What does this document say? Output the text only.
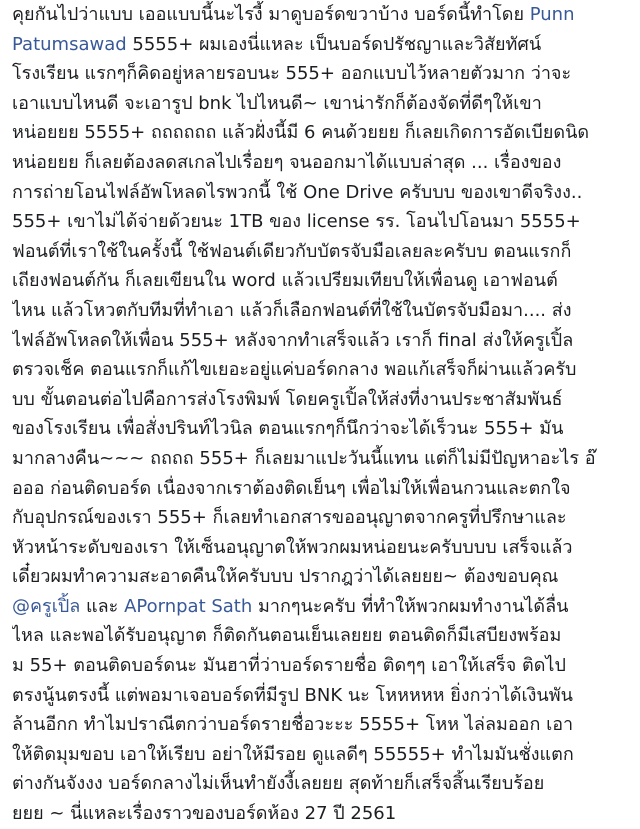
คุยกันไปว่าแบบ เออแบบนี้นะไรงี้ มาดูบอร์ดขวาบ้าง บอร์ดนี้ทำโดย Punn
Patumsawad 5555+ ผมเองนี่แหละ เป็นบอร์ดปรัชญาและวิสัยทัศน์
โรงเรียน แรกๆก็คิดอยู่หลายรอบนะ 555+ ออกแบบไว้หลายตัวมาก ว่าจะ
เอาแบบไหนดี จะเอารูป bnk ไปไหนดี~ เขาน่ารักก็ต้องจัดที่ดีๆให้เขา
หน่อยยย 5555+ ถถถถถถ แล้วฝั่งนี้มี 6 คนด้วยยย ก็เลยเกิดการอัดเบียดนิด
หน่อยยย ก็เลยต้องลดสเกลไปเรื่อยๆ จนออกมาได้แบบล่าสุด ... เรื่องของ
การถ่ายโอนไฟล์อัพโหลดไรพวกนี้ ใช้ One Drive ครับบบ ของเขาดีจริงง..
555+ เขาไม่ได้จ่ายด้วยนะ 1TB ของ license รร. โอนไปโอนมา 5555+
ฟอนต์ที่เราใช้ในครั้งนี้ ใช้ฟอนต์เดียวกับบัตรจับมือเลยละครับบ ตอนแรกก็
เถียงฟอนต์กัน ก็เลยเขียนใน word แล้วเปรียมเทียบให้เพื่อนดู เอาฟอนต์
ไหน แล้วโหวตกับทีมที่ทำเอา แล้วก็เลือกฟอนต์ที่ใช้ในบัตรจับมือมา.... ส่ง
ไฟล์อัพโหลดให้เพื่อน 555+ หลังจากทำเสร็จแล้ว เราก็ final ส่งให้ครูเปิ้ล
ตรวจเช็ค ตอนแรกก็แก้ไขเยอะอยู่แค่บอร์ดกลาง พอแก้เสร็จก็ผ่านแล้วครับ
บบ ขั้นตอนต่อไปคือการส่งโรงพิมพ์ โดยครูเปิ้ลให้ส่งที่งานประชาสัมพันธ์
ของโรงเรียน เพื่อสั่งปรินท์ไวนิล ตอนแรกๆก็นึกว่าจะได้เร็วนะ 555+ มัน
มากลางคืน~~~ ถถถถ 555+ ก็เลยมาแปะวันนี้แทน แต่ก็ไม่มีปัญหาอะไร อ๊
อออ ก่อนติดบอร์ด เนื่องจากเราต้องติดเย็นๆ เพื่อไม่ให้เพื่อนกวนและตกใจ
กับอุปกรณ์ของเรา 555+ ก็เลยทำเอกสารขออนุญาตจากครูที่ปรึกษาและ
หัวหน้าระดับของเรา ให้เซ็นอนุญาตให้พวกผมหน่อยนะครับบบบ เสร็จแล้ว
เดี๋ยวผมทำความสะอาดคืนให้ครับบบ ปรากฎว่าได้เลยยย~ ต้องขอบคุณ
@ครูเปิ้ล และ APornpat Sath มากๆนะครับ ที่ทำให้พวกผมทำงานได้ลื่น
ไหล และพอได้รับอนุญาต ก็ติดกันตอนเย็นเลยยย ตอนติดก็มีเสบียงพร้อม
ม 55+ ตอนติดบอร์ดนะ มันฮาที่ว่าบอร์ดรายชื่อ ติดๆๆ เอาให้เสร็จ ติดไป
ตรงนู้นตรงนี้ แต่พอมาเจอบอร์ดที่มีรูป BNK นะ โหหหหห ยิ่งกว่าได้เงินพัน
ล้านอีกก ทำไมปราณีตกว่าบอร์ดรายชื่อวะะะ 5555+ โหห ไล่ลมออก เอา
ให้ติดมุมขอบ เอาให้เรียบ อย่าให้มีรอย ดูแลดีๆ 55555+ ทำไมมันชั่งแตก
ต่างกันจังงง บอร์ดกลางไม่เห็นทำยังงี้เลยยย สุดท้ายก็เสร็จสิ้นเรียบร้อย
ยยย ~ นี่แหละเรื่องราวของบอร์ดห้อง 27 ปี 2561
